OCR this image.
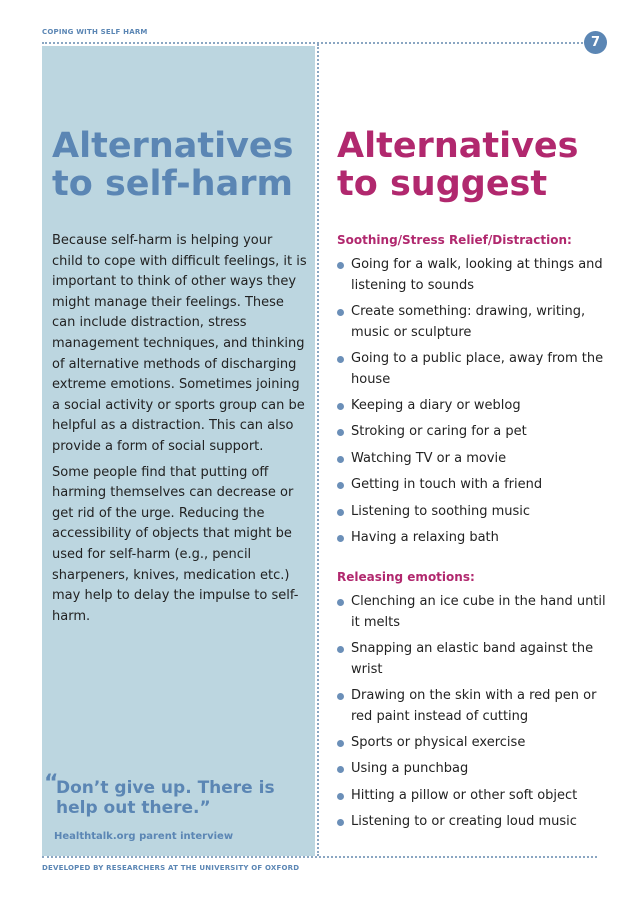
COPING WITH SELF HARM
7
Alternatives
to self-harm

Because self-harm is helping your child to cope with difficult feelings, it is important to think of other ways they might manage their feelings. These can include distraction, stress management techniques, and thinking of alternative methods of discharging extreme emotions. Sometimes joining a social activity or sports group can be helpful as a distraction. This can also provide a form of social support.

Some people find that putting off harming themselves can decrease or get rid of the urge. Reducing the accessibility of objects that might be used for self-harm (e.g., pencil sharpeners, knives, medication etc.) may help to delay the impulse to self-harm.

“
Don’t give up. There is help out there.”
Healthtalk.org parent interview
Alternatives
to suggest
Soothing/Stress Relief/Distraction:
Going for a walk, looking at things and listening to sounds
Create something: drawing, writing, music or sculpture
Going to a public place, away from the house
Keeping a diary or weblog
Stroking or caring for a pet
Watching TV or a movie
Getting in touch with a friend
Listening to soothing music
Having a relaxing bath
Releasing emotions:
Clenching an ice cube in the hand until it melts
Snapping an elastic band against the wrist
Drawing on the skin with a red pen or red paint instead of cutting
Sports or physical exercise
Using a punchbag
Hitting a pillow or other soft object
Listening to or creating loud music
DEVELOPED BY RESEARCHERS AT THE UNIVERSITY OF OXFORD
